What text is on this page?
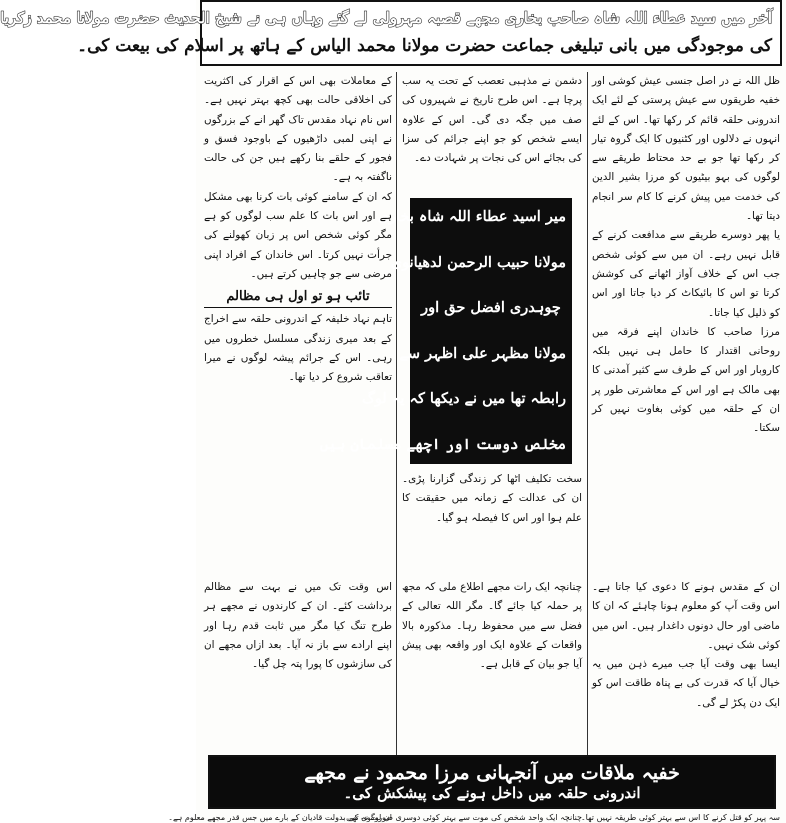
آخر میں سید عطاء اللہ شاہ صاحب بخاری مجھے قصبہ مہرولی لے گئے وہاں ہی نے شیخ الحدیث حضرت مولانا محمد زکریا
کی موجودگی میں بانی تبلیغی جماعت حضرت مولانا محمد الیاس کے ہاتھ پر اسلام کی بیعت کی۔

ظل اللہ نے در اصل جنسی عیش کوشی اور خفیہ طریقوں سے عیش پرستی کے لئے ایک اندرونی حلقہ قائم کر رکھا تھا۔ اس کے لئے انہوں نے دلالوں اور کٹنیوں کا ایک گروہ تیار کر رکھا تھا جو بے حد محتاط طریقے سے لوگوں کی بہو بیٹیوں کو مرزا بشیر الدین کی خدمت میں پیش کرنے کا کام سر انجام دیتا تھا۔

یا پھر دوسرے طریقے سے مدافعت کرنے کے قابل نہیں رہے۔ ان میں سے کوئی شخص جب اس کے خلاف آواز اٹھانے کی کوشش کرتا تو اس کا بائیکاٹ کر دیا جاتا اور اس کو ذلیل کیا جاتا۔

مرزا صاحب کا خاندان اپنے فرقہ میں روحانی اقتدار کا حامل ہی نہیں بلکہ کاروبار اور اس کے طرف سے کثیر آمدنی کا بھی مالک ہے اور اس کے معاشرتی طور پر ان کے حلقہ میں کوئی بغاوت نہیں کر سکتا۔

دشمن نے مذہبی تعصب کے تحت یہ سب پرچا ہے۔ اس طرح تاریخ نے شہیروں کی صف میں جگہ دی گی۔ اس کے علاوہ ایسے شخص کو جو اپنے جرائم کی سزا کی بجائے اس کی نجات پر شہادت دے۔

میر اسید عطاء اللہ شاہ بخاری
مولانا حبیب الرحمن لدھیانوی
چوہدری افضل حق اور
مولانا مظہر علی اظہر سے
رابطہ تھا میں نے دیکھا کہ یہ لوگ
مخلص دوست اور اچھے مسلمان ہیں

سخت تکلیف اٹھا کر زندگی گزارنا پڑی۔ ان کی عدالت کے زمانہ میں حقیقت کا علم ہوا اور اس کا فیصلہ ہو گیا۔

کے معاملات بھی اس کے اقرار کی اکثریت کی اخلاقی حالت بھی کچھ بہتر نہیں ہے۔ اس نام نہاد مقدس تاک گھر انے کے بزرگوں نے اپنی لمبی داڑھیوں کے باوجود فسق و فجور کے حلقے بنا رکھے ہیں جن کی حالت ناگفتہ بہ ہے۔

کہ ان کے سامنے کوئی بات کرنا بھی مشکل ہے اور اس بات کا علم سب لوگوں کو ہے مگر کوئی شخص اس پر زبان کھولنے کی جرأت نہیں کرتا۔ اس خاندان کے افراد اپنی مرضی سے جو چاہیں کرتے ہیں۔

تائب ہو تو اول ہی مظالم

تاہم نہاد خلیفہ کے اندرونی حلقہ سے اخراج کے بعد میری زندگی مسلسل خطروں میں رہی۔ اس کے جرائم پیشہ لوگوں نے میرا تعاقب شروع کر دیا تھا۔

ان کے مقدس ہونے کا دعوی کیا جاتا ہے۔ اس وقت آپ کو معلوم ہونا چاہئے کہ ان کا ماضی اور حال دونوں داغدار ہیں۔ اس میں کوئی شک نہیں۔

ایسا بھی وقت آیا جب میرے ذہن میں یہ خیال آیا کہ قدرت کی بے پناہ طاقت اس کو ایک دن پکڑ لے گی۔

چنانچہ ایک رات مجھے اطلاع ملی کہ مجھ پر حملہ کیا جائے گا۔ مگر اللہ تعالی کے فضل سے میں محفوظ رہا۔ مذکورہ بالا واقعات کے علاوہ ایک اور واقعہ بھی پیش آیا جو بیان کے قابل ہے۔

اس وقت تک میں نے بہت سے مظالم برداشت کئے۔ ان کے کارندوں نے مجھے ہر طرح تنگ کیا مگر میں ثابت قدم رہا اور اپنے ارادے سے باز نہ آیا۔ بعد ازاں مجھے ان کی سازشوں کا پورا پتہ چل گیا۔

خفیہ ملاقات میں آنجہانی مرزا محمود نے مجھے
اندرونی حلقہ میں داخل ہونے کی پیشکش کی۔
سہ پہر کو قتل کرنے کا اس سے بہتر کوئی طریقہ نہیں تھا۔
چنانچہ ایک واحد شخص کی موت سے بہتر کوئی دوسری صورت نہ تھی۔
ان لوگوں کی بدولت قادیان کے بارے میں جس قدر مجھے معلوم ہے۔
